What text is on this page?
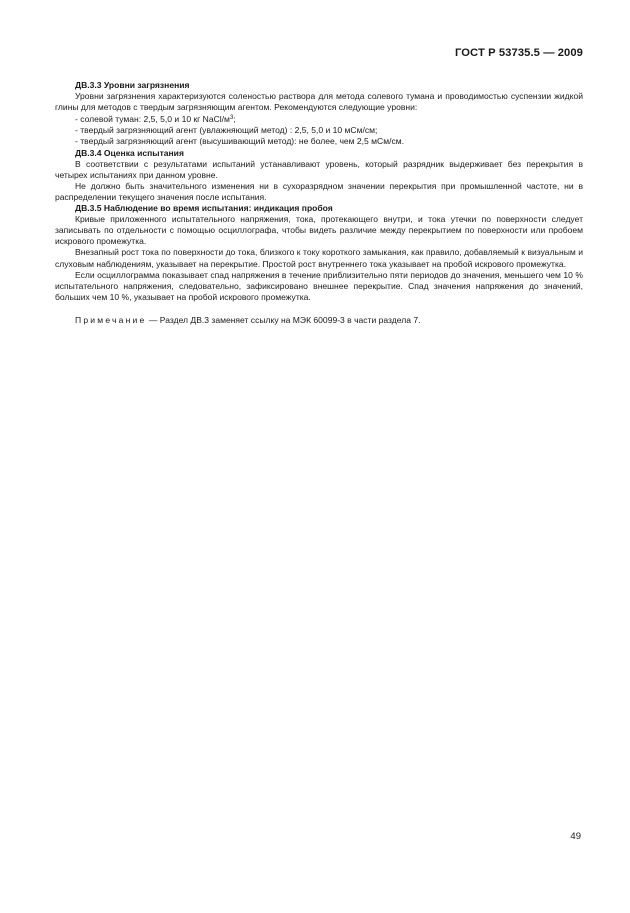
ГОСТ Р 53735.5 — 2009

ДВ.3.3 Уровни загрязнения

Уровни загрязнения характеризуются соленостью раствора для метода солевого тумана и проводимостью суспензии жидкой глины для методов с твердым загрязняющим агентом. Рекомендуются следующие уровни:

- солевой туман: 2,5, 5,0 и 10 кг NaCl/$м^3$;

- твердый загрязняющий агент (увлажняющий метод) : 2,5, 5,0 и 10 мСм/см;

- твердый загрязняющий агент (высушивающий метод): не более, чем 2,5 мСм/см.

ДВ.3.4 Оценка испытания

В соответствии с результатами испытаний устанавливают уровень, который разрядник выдерживает без перекрытия в четырех испытаниях при данном уровне.

Не должно быть значительного изменения ни в сухоразрядном значении перекрытия при промышленной частоте, ни в распределении текущего значения после испытания.

ДВ.3.5 Наблюдение во время испытания: индикация пробоя

Кривые приложенного испытательного напряжения, тока, протекающего внутри, и тока утечки по поверхности следует записывать по отдельности с помощью осциллографа, чтобы видеть различие между перекрытием по поверхности или пробоем искрового промежутка.

Внезапный рост тока по поверхности до тока, близкого к току короткого замыкания, как правило, добавляемый к визуальным и слуховым наблюдениям, указывает на перекрытие. Простой рост внутреннего тока указывает на пробой искрового промежутка.

Если осциллограмма показывает спад напряжения в течение приблизительно пяти периодов до значения, меньшего чем 10 % испытательного напряжения, следовательно, зафиксировано внешнее перекрытие. Спад значения напряжения до значений, больших чем 10 %, указывает на пробой искрового промежутка.

Примечание — Раздел ДВ.3 заменяет ссылку на МЭК 60099-3 в части раздела 7.

49
